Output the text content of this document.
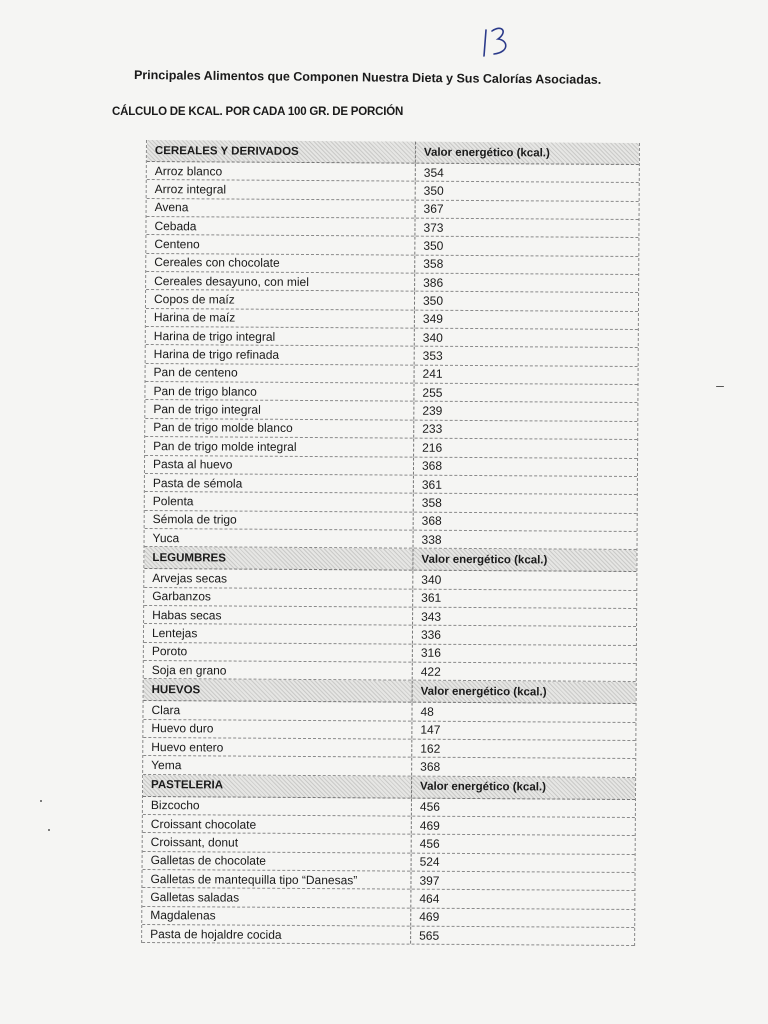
Principales Alimentos que Componen Nuestra Dieta y Sus Calorías Asociadas.
CÁLCULO DE KCAL. POR CADA 100 GR. DE PORCIÓN
CEREALES Y DERIVADOS	Valor energético (kcal.)
Arroz blanco	354
Arroz integral	350
Avena	367
Cebada	373
Centeno	350
Cereales con chocolate	358
Cereales desayuno, con miel	386
Copos de maíz	350
Harina de maíz	349
Harina de trigo integral	340
Harina de trigo refinada	353
Pan de centeno	241
Pan de trigo blanco	255
Pan de trigo integral	239
Pan de trigo molde blanco	233
Pan de trigo molde integral	216
Pasta al huevo	368
Pasta de sémola	361
Polenta	358
Sémola de trigo	368
Yuca	338
LEGUMBRES	Valor energético (kcal.)
Arvejas secas	340
Garbanzos	361
Habas secas	343
Lentejas	336
Poroto	316
Soja en grano	422
HUEVOS	Valor energético (kcal.)
Clara	48
Huevo duro	147
Huevo entero	162
Yema	368
PASTELERÍA	Valor energético (kcal.)
Bizcocho	456
Croissant chocolate	469
Croissant, donut	456
Galletas de chocolate	524
Galletas de mantequilla tipo “Danesas”	397
Galletas saladas	464
Magdalenas	469
Pasta de hojaldre cocida	565
